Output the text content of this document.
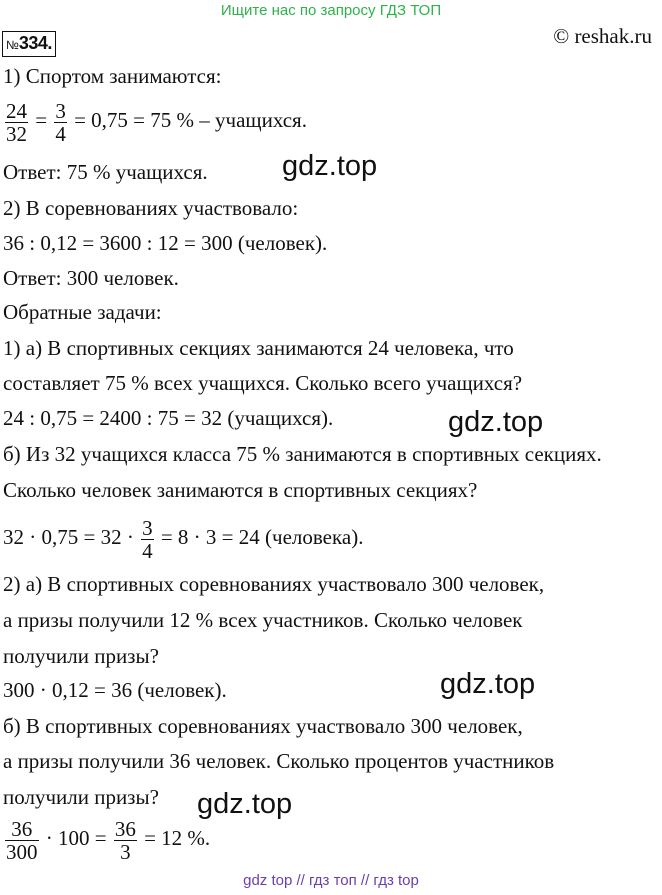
Ищите нас по запросу ГДЗ ТОП
№334.	© reshak.ru
1) Спортом занимаются:
$\frac{24}{32} = \frac{3}{4} = 0,75 = 75$ % – учащихся.
Ответ: 75 % учащихся.	gdz.top
2) В соревнованиях участвовало:
36 : 0,12 = 3600 : 12 = 300 (человек).
Ответ: 300 человек.
Обратные задачи:
1) а) В спортивных секциях занимаются 24 человека, что
составляет 75 % всех учащихся. Сколько всего учащихся?
24 : 0,75 = 2400 : 75 = 32 (учащихся).	gdz.top
б) Из 32 учащихся класса 75 % занимаются в спортивных секциях.
Сколько человек занимаются в спортивных секциях?
$32 \cdot 0,75 = 32 \cdot \frac{3}{4} = 8 \cdot 3 = 24$ (человека).
2) а) В спортивных соревнованиях участвовало 300 человек,
а призы получили 12 % всех участников. Сколько человек
получили призы?
300 · 0,12 = 36 (человек).	gdz.top
б) В спортивных соревнованиях участвовало 300 человек,
а призы получили 36 человек. Сколько процентов участников
получили призы? gdz.top
$\frac{36}{300} \cdot 100 = \frac{36}{3} = 12$ %.
gdz top // гдз топ // гдз top
